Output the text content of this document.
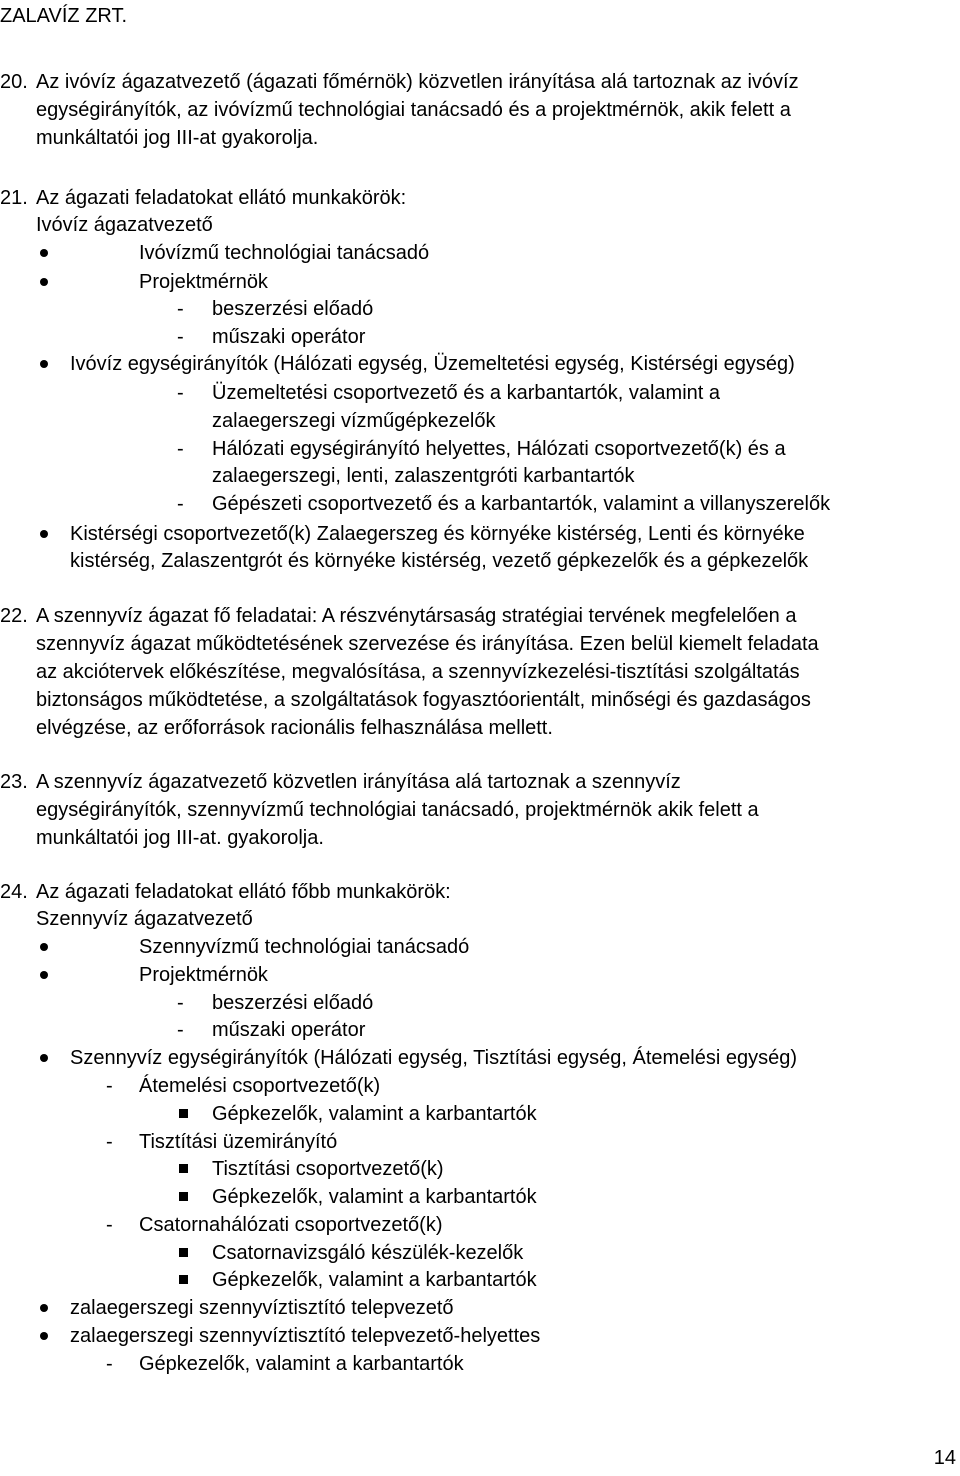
ZALAVÍZ ZRT.
20. Az ivóvíz ágazatvezető (ágazati főmérnök) közvetlen irányítása alá tartoznak az ivóvíz
egységirányítók, az ivóvízmű technológiai tanácsadó és a projektmérnök, akik felett a
munkáltatói jog III-at gyakorolja.
21. Az ágazati feladatokat ellátó munkakörök:
Ivóvíz ágazatvezető
Ivóvízmű technológiai tanácsadó
Projektmérnök
- beszerzési előadó
- műszaki operátor
Ivóvíz egységirányítók (Hálózati egység, Üzemeltetési egység, Kistérségi egység)
- Üzemeltetési csoportvezető és a karbantartók, valamint a
zalaegerszegi vízműgépkezelők
- Hálózati egységirányító helyettes, Hálózati csoportvezető(k) és a
zalaegerszegi, lenti, zalaszentgróti karbantartók
- Gépészeti csoportvezető és a karbantartók, valamint a villanyszerelők
Kistérségi csoportvezető(k) Zalaegerszeg és környéke kistérség, Lenti és környéke
kistérség, Zalaszentgrót és környéke kistérség, vezető gépkezelők és a gépkezelők
22. A szennyvíz ágazat fő feladatai: A részvénytársaság stratégiai tervének megfelelően a
szennyvíz ágazat működtetésének szervezése és irányítása. Ezen belül kiemelt feladata
az akciótervek előkészítése, megvalósítása, a szennyvízkezelési-tisztítási szolgáltatás
biztonságos működtetése, a szolgáltatások fogyasztóorientált, minőségi és gazdaságos
elvégzése, az erőforrások racionális felhasználása mellett.
23. A szennyvíz ágazatvezető közvetlen irányítása alá tartoznak a szennyvíz
egységirányítók, szennyvízmű technológiai tanácsadó, projektmérnök akik felett a
munkáltatói jog III-at. gyakorolja.
24. Az ágazati feladatokat ellátó főbb munkakörök:
Szennyvíz ágazatvezető
Szennyvízmű technológiai tanácsadó
Projektmérnök
- beszerzési előadó
- műszaki operátor
Szennyvíz egységirányítók (Hálózati egység, Tisztítási egység, Átemelési egység)
- Átemelési csoportvezető(k)
Gépkezelők, valamint a karbantartók
- Tisztítási üzemirányító
Tisztítási csoportvezető(k)
Gépkezelők, valamint a karbantartók
- Csatornahálózati csoportvezető(k)
Csatornavizsgáló készülék-kezelők
Gépkezelők, valamint a karbantartók
zalaegerszegi szennyvíztisztító telepvezető
zalaegerszegi szennyvíztisztító telepvezető-helyettes
- Gépkezelők, valamint a karbantartók
14
